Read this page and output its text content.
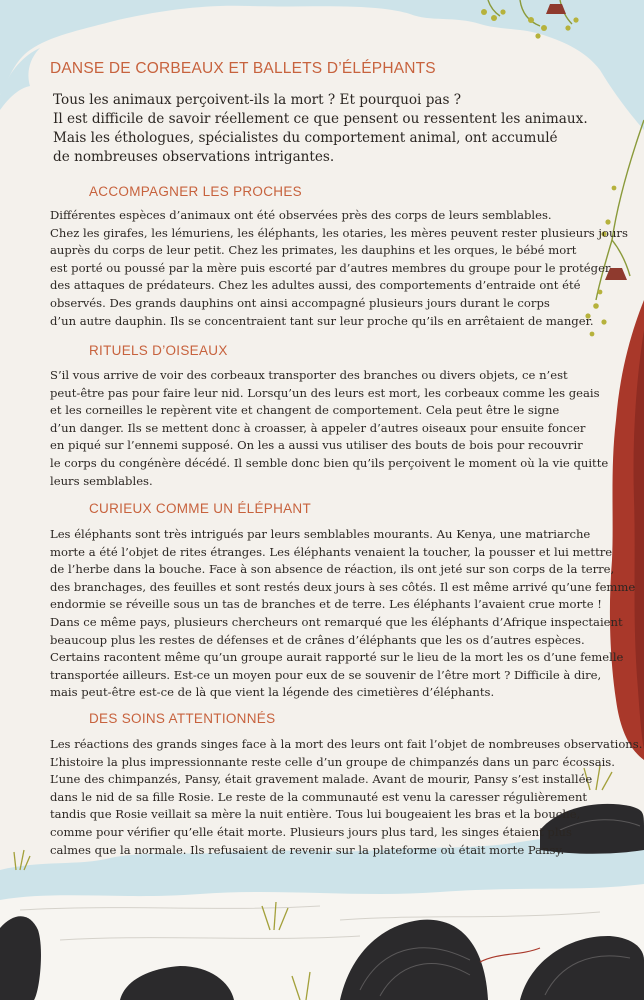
DANSE DE CORBEAUX ET BALLETS D’ÉLÉPHANTS
Tous les animaux perçoivent-ils la mort ? Et pourquoi pas ?
Il est difficile de savoir réellement ce que pensent ou ressentent les animaux.
Mais les éthologues, spécialistes du comportement animal, ont accumulé
de nombreuses observations intrigantes.
ACCOMPAGNER LES PROCHES
Différentes espèces d’animaux ont été observées près des corps de leurs semblables.
Chez les girafes, les lémuriens, les éléphants, les otaries, les mères peuvent rester plusieurs jours
auprès du corps de leur petit. Chez les primates, les dauphins et les orques, le bébé mort
est porté ou poussé par la mère puis escorté par d’autres membres du groupe pour le protéger
des attaques de prédateurs. Chez les adultes aussi, des comportements d’entraide ont été
observés. Des grands dauphins ont ainsi accompagné plusieurs jours durant le corps
d’un autre dauphin. Ils se concentraient tant sur leur proche qu’ils en arrêtaient de manger.
RITUELS D’OISEAUX
S’il vous arrive de voir des corbeaux transporter des branches ou divers objets, ce n’est
peut-être pas pour faire leur nid. Lorsqu’un des leurs est mort, les corbeaux comme les geais
et les corneilles le repèrent vite et changent de comportement. Cela peut être le signe
d’un danger. Ils se mettent donc à croasser, à appeler d’autres oiseaux pour ensuite foncer
en piqué sur l’ennemi supposé. On les a aussi vus utiliser des bouts de bois pour recouvrir
le corps du congénère décédé. Il semble donc bien qu’ils perçoivent le moment où la vie quitte
leurs semblables.
CURIEUX COMME UN ÉLÉPHANT
Les éléphants sont très intrigués par leurs semblables mourants. Au Kenya, une matriarche
morte a été l’objet de rites étranges. Les éléphants venaient la toucher, la pousser et lui mettre
de l’herbe dans la bouche. Face à son absence de réaction, ils ont jeté sur son corps de la terre,
des branchages, des feuilles et sont restés deux jours à ses côtés. Il est même arrivé qu’une femme
endormie se réveille sous un tas de branches et de terre. Les éléphants l’avaient crue morte !
Dans ce même pays, plusieurs chercheurs ont remarqué que les éléphants d’Afrique inspectaient
beaucoup plus les restes de défenses et de crânes d’éléphants que les os d’autres espèces.
Certains racontent même qu’un groupe aurait rapporté sur le lieu de la mort les os d’une femelle
transportée ailleurs. Est-ce un moyen pour eux de se souvenir de l’être mort ? Difficile à dire,
mais peut-être est-ce de là que vient la légende des cimetières d’éléphants.
DES SOINS ATTENTIONNÉS
Les réactions des grands singes face à la mort des leurs ont fait l’objet de nombreuses observations.
L’histoire la plus impressionnante reste celle d’un groupe de chimpanzés dans un parc écossais.
L’une des chimpanzés, Pansy, était gravement malade. Avant de mourir, Pansy s’est installée
dans le nid de sa fille Rosie. Le reste de la communauté est venu la caresser régulièrement
tandis que Rosie veillait sa mère la nuit entière. Tous lui bougeaient les bras et la bouche,
comme pour vérifier qu’elle était morte. Plusieurs jours plus tard, les singes étaient plus
calmes que la normale. Ils refusaient de revenir sur la plateforme où était morte Pansy.
